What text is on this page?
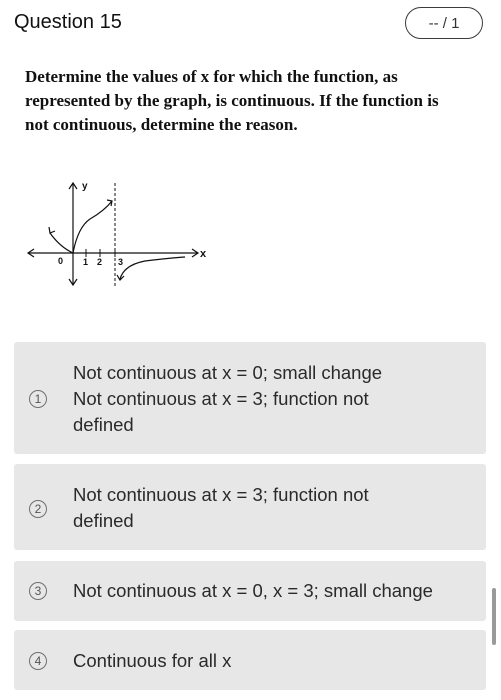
Question 15	-- / 1
Determine the values of x for which the function, as represented by the graph, is continuous. If the function is not continuous, determine the reason.
x
y
0 1 2 3
1
Not continuous at x = 0; small change
Not continuous at x = 3; function not
defined
2
Not continuous at x = 3; function not
defined
3	Not continuous at x = 0, x = 3; small change
4	Continuous for all x
